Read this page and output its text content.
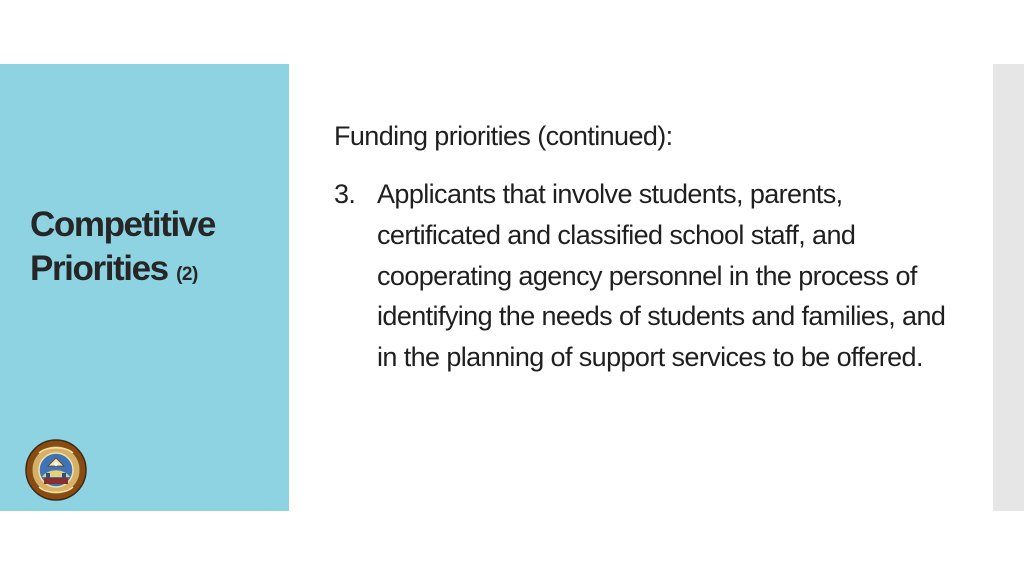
Competitive
Priorities (2)

Funding priorities (continued):

3. Applicants that involve students, parents, certificated and classified school staff, and cooperating agency personnel in the process of identifying the needs of students and families, and in the planning of support services to be offered.
